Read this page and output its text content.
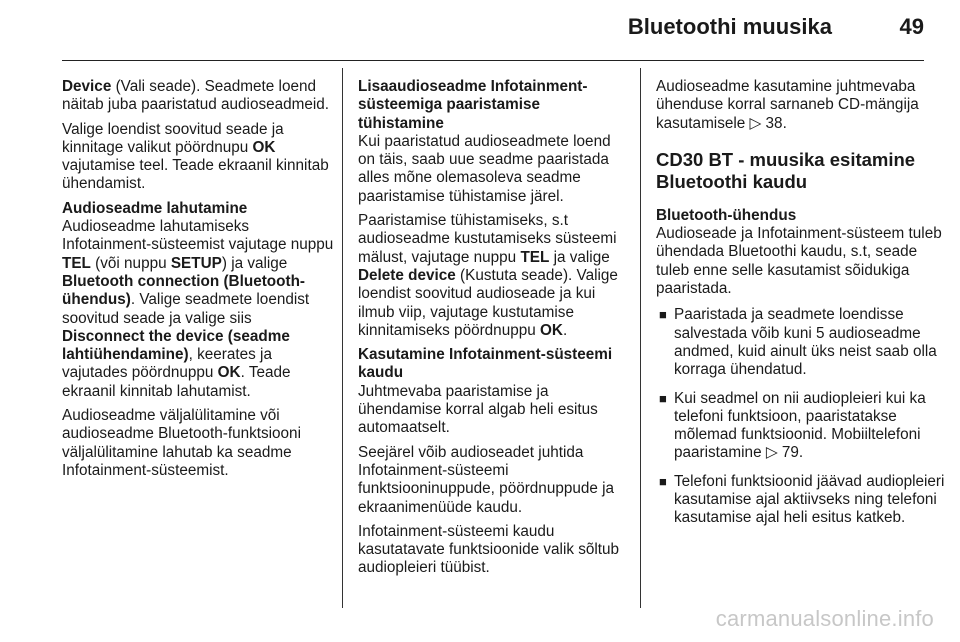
Bluetoothi muusika	49

Device (Vali seade). Seadmete loend näitab juba paaristatud audioseadmeid.

Valige loendist soovitud seade ja kinnitage valikut pöördnupu OK vajutamise teel. Teade ekraanil kinnitab ühendamist.

Audioseadme lahutamine

Audioseadme lahutamiseks Infotainment-süsteemist vajutage nuppu TEL (või nuppu SETUP) ja valige Bluetooth connection (Bluetooth-ühendus). Valige seadmete loendist soovitud seade ja valige siis Disconnect the device (seadme lahtiühendamine), keerates ja vajutades pöördnuppu OK. Teade ekraanil kinnitab lahutamist.

Audioseadme väljalülitamine või audioseadme Bluetooth-funktsiooni väljalülitamine lahutab ka seadme Infotainment-süsteemist.

Lisaaudioseadme Infotainment-süsteemiga paaristamise tühistamine

Kui paaristatud audioseadmete loend on täis, saab uue seadme paaristada alles mõne olemasoleva seadme paaristamise tühistamise järel.

Paaristamise tühistamiseks, s.t audioseadme kustutamiseks süsteemi mälust, vajutage nuppu TEL ja valige Delete device (Kustuta seade). Valige loendist soovitud audioseade ja kui ilmub viip, vajutage kustutamise kinnitamiseks pöördnuppu OK.

Kasutamine Infotainment-süsteemi kaudu

Juhtmevaba paaristamise ja ühendamise korral algab heli esitus automaatselt.

Seejärel võib audioseadet juhtida Infotainment-süsteemi funktsiooninuppude, pöördnuppude ja ekraanimenüüde kaudu.

Infotainment-süsteemi kaudu kasutatavate funktsioonide valik sõltub audiopleieri tüübist.

Audioseadme kasutamine juhtmevaba ühenduse korral sarnaneb CD-mängija kasutamisele ▷ 38.

CD30 BT - muusika esitamine Bluetoothi kaudu
Bluetooth-ühendus

Audioseade ja Infotainment-süsteem tuleb ühendada Bluetoothi kaudu, s.t, seade tuleb enne selle kasutamist sõidukiga paaristada.

■ Paaristada ja seadmete loendisse salvestada võib kuni 5 audioseadme andmed, kuid ainult üks neist saab olla korraga ühendatud.
■ Kui seadmel on nii audiopleieri kui ka telefoni funktsioon, paaristatakse mõlemad funktsioonid. Mobiiltelefoni paaristamine ▷ 79.
■ Telefoni funktsioonid jäävad audiopleieri kasutamise ajal aktiivseks ning telefoni kasutamise ajal heli esitus katkeb.
carmanualsonline.info
